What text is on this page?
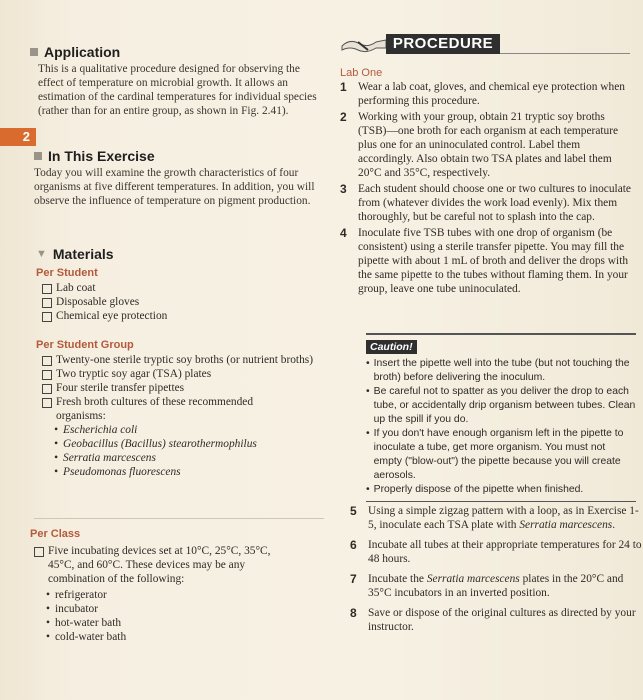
Application
This is a qualitative procedure designed for observing the effect of temperature on microbial growth. It allows an estimation of the cardinal temperatures for individual species (rather than for an entire group, as shown in Fig. 2.41).
2
In This Exercise
Today you will examine the growth characteristics of four organisms at five different temperatures. In addition, you will observe the influence of temperature on pigment production.
▼ Materials
Per Student
Lab coat
Disposable gloves
Chemical eye protection
Per Student Group
Twenty-one sterile tryptic soy broths (or nutrient broths)
Two tryptic soy agar (TSA) plates
Four sterile transfer pipettes
Fresh broth cultures of these recommended organisms:
• Escherichia coli
• Geobacillus (Bacillus) stearothermophilus
• Serratia marcescens
• Pseudomonas fluorescens
Per Class
Five incubating devices set at 10°C, 25°C, 35°C, 45°C, and 60°C. These devices may be any combination of the following:
• refrigerator
• incubator
• hot-water bath
• cold-water bath
PROCEDURE
Lab One
1 Wear a lab coat, gloves, and chemical eye protection when performing this procedure.
2 Working with your group, obtain 21 tryptic soy broths (TSB)—one broth for each organism at each temperature plus one for an uninoculated control. Label them accordingly. Also obtain two TSA plates and label them 20°C and 35°C, respectively.
3 Each student should choose one or two cultures to inoculate from (whatever divides the work load evenly). Mix them thoroughly, but be careful not to splash into the cap.
4 Inoculate five TSB tubes with one drop of organism (be consistent) using a sterile transfer pipette. You may fill the pipette with about 1 mL of broth and deliver the drops with the same pipette to the tubes without flaming them. In your group, leave one tube uninoculated.
Caution!
• Insert the pipette well into the tube (but not touching the broth) before delivering the inoculum.
• Be careful not to spatter as you deliver the drop to each tube, or accidentally drip organism between tubes. Clean up the spill if you do.
• If you don't have enough organism left in the pipette to inoculate a tube, get more organism. You must not empty ("blow-out") the pipette because you will create aerosols.
• Properly dispose of the pipette when finished.
5 Using a simple zigzag pattern with a loop, as in Exercise 1-5, inoculate each TSA plate with Serratia marcescens.
6 Incubate all tubes at their appropriate temperatures for 24 to 48 hours.
7 Incubate the Serratia marcescens plates in the 20°C and 35°C incubators in an inverted position.
8 Save or dispose of the original cultures as directed by your instructor.
